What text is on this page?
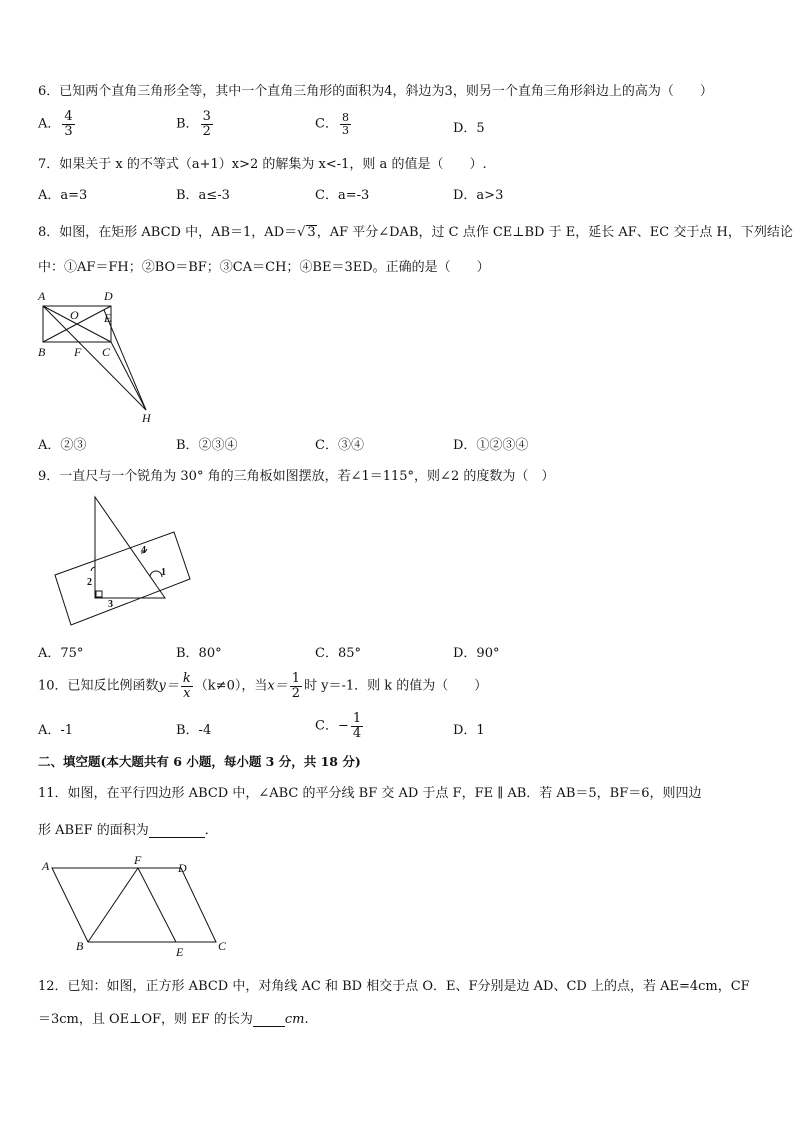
6．已知两个直角三角形全等，其中一个直角三角形的面积为4，斜边为3，则另一个直角三角形斜边上的高为（　　）
A． $\frac{4}{3}$	B． $\frac{3}{2}$	C． $\frac{8}{3}$	D．5
7．如果关于 x 的不等式（a+1）x>2 的解集为 x<-1，则 a 的值是（　　）.
A．a=3	B．a≤-3	C．a=-3	D．a>3
8．如图，在矩形 ABCD 中，AB＝1，AD＝√ 3，AF 平分∠DAB，过 C 点作 CE⊥BD 于 E，延长 AF、EC 交于点 H，下列结论
中：①AF＝FH；②BO＝BF；③CA＝CH；④BE＝3ED。正确的是（　　）
A	D
O E
B F C
H
A．②③	B．②③④	C．③④	D．①②③④
9．一直尺与一个锐角为 30° 角的三角板如图摆放，若∠1＝115°，则∠2 的度数为（　）
4
1
2
3
A．75°	B．80°	C．85°	D．90°
10．已知反比例函数$y= \frac{k}{x} (k\ne 0)$，当$x= \frac{1}{2}$ 时 y＝-1．则 k 的值为（　　）
A．-1	B．-4	C．− $\frac{1}{4}$	D．1
二、填空题(本大题共有 6 小题，每小题 3 分，共 18 分)
11．如图，在平行四边形 ABCD 中，∠ABC 的平分线 BF 交 AD 于点 F，FE ∥ AB．若 AB＝5，BF＝6，则四边
形 ABEF 的面积为	．
A	F
D
B	E	C
12．已知：如图，正方形 ABCD 中，对角线 AC 和 BD 相交于点 O．E、F分别是边 AD、CD 上的点，若 AE=4cm，CF
＝3cm，且 OE⊥OF，则 EF 的长为 cm.
